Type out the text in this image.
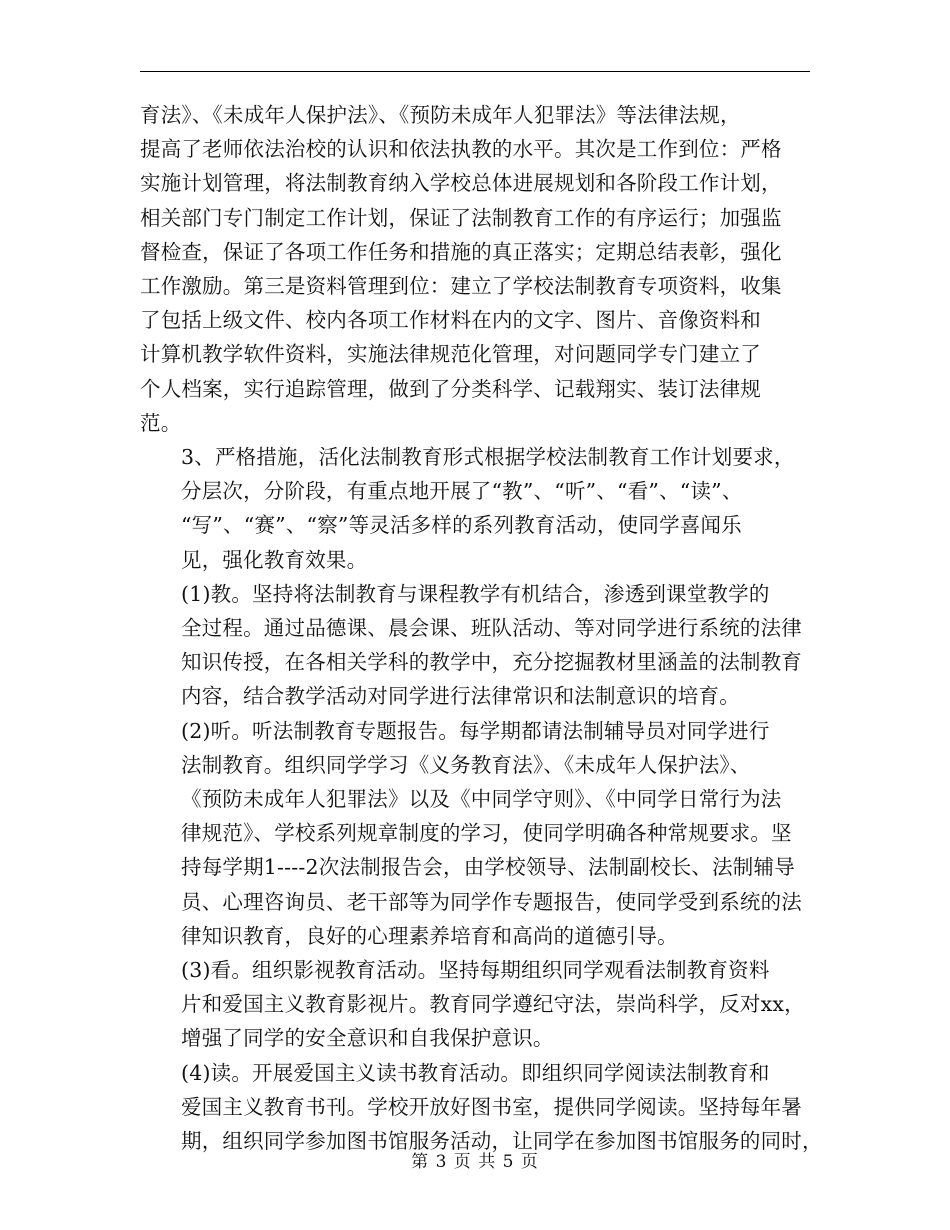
育法》、《未成年人保护法》、《预防未成年人犯罪法》等法律法规，
提高了老师依法治校的认识和依法执教的水平。其次是工作到位：严格
实施计划管理，将法制教育纳入学校总体进展规划和各阶段工作计划，
相关部门专门制定工作计划，保证了法制教育工作的有序运行；加强监
督检查，保证了各项工作任务和措施的真正落实；定期总结表彰，强化
工作激励。第三是资料管理到位：建立了学校法制教育专项资料，收集
了包括上级文件、校内各项工作材料在内的文字、图片、音像资料和
计算机教学软件资料，实施法律规范化管理，对问题同学专门建立了
个人档案，实行追踪管理，做到了分类科学、记载翔实、装订法律规
范。
3、严格措施，活化法制教育形式根据学校法制教育工作计划要求，
分层次，分阶段，有重点地开展了“教”、“听”、“看”、“读”、
“写”、“赛”、“察”等灵活多样的系列教育活动，使同学喜闻乐
见，强化教育效果。
(1)教。坚持将法制教育与课程教学有机结合，渗透到课堂教学的
全过程。通过品德课、晨会课、班队活动、等对同学进行系统的法律
知识传授，在各相关学科的教学中，充分挖掘教材里涵盖的法制教育
内容，结合教学活动对同学进行法律常识和法制意识的培育。
(2)听。听法制教育专题报告。每学期都请法制辅导员对同学进行
法制教育。组织同学学习《义务教育法》、《未成年人保护法》、
《预防未成年人犯罪法》以及《中同学守则》、《中同学日常行为法
律规范》、学校系列规章制度的学习，使同学明确各种常规要求。坚
持每学期1----2次法制报告会，由学校领导、法制副校长、法制辅导
员、心理咨询员、老干部等为同学作专题报告，使同学受到系统的法
律知识教育，良好的心理素养培育和高尚的道德引导。
(3)看。组织影视教育活动。坚持每期组织同学观看法制教育资料
片和爱国主义教育影视片。教育同学遵纪守法，崇尚科学，反对xx，
增强了同学的安全意识和自我保护意识。
(4)读。开展爱国主义读书教育活动。即组织同学阅读法制教育和
爱国主义教育书刊。学校开放好图书室，提供同学阅读。坚持每年暑
期，组织同学参加图书馆服务活动，让同学在参加图书馆服务的同时，
第 3 页 共 5 页
